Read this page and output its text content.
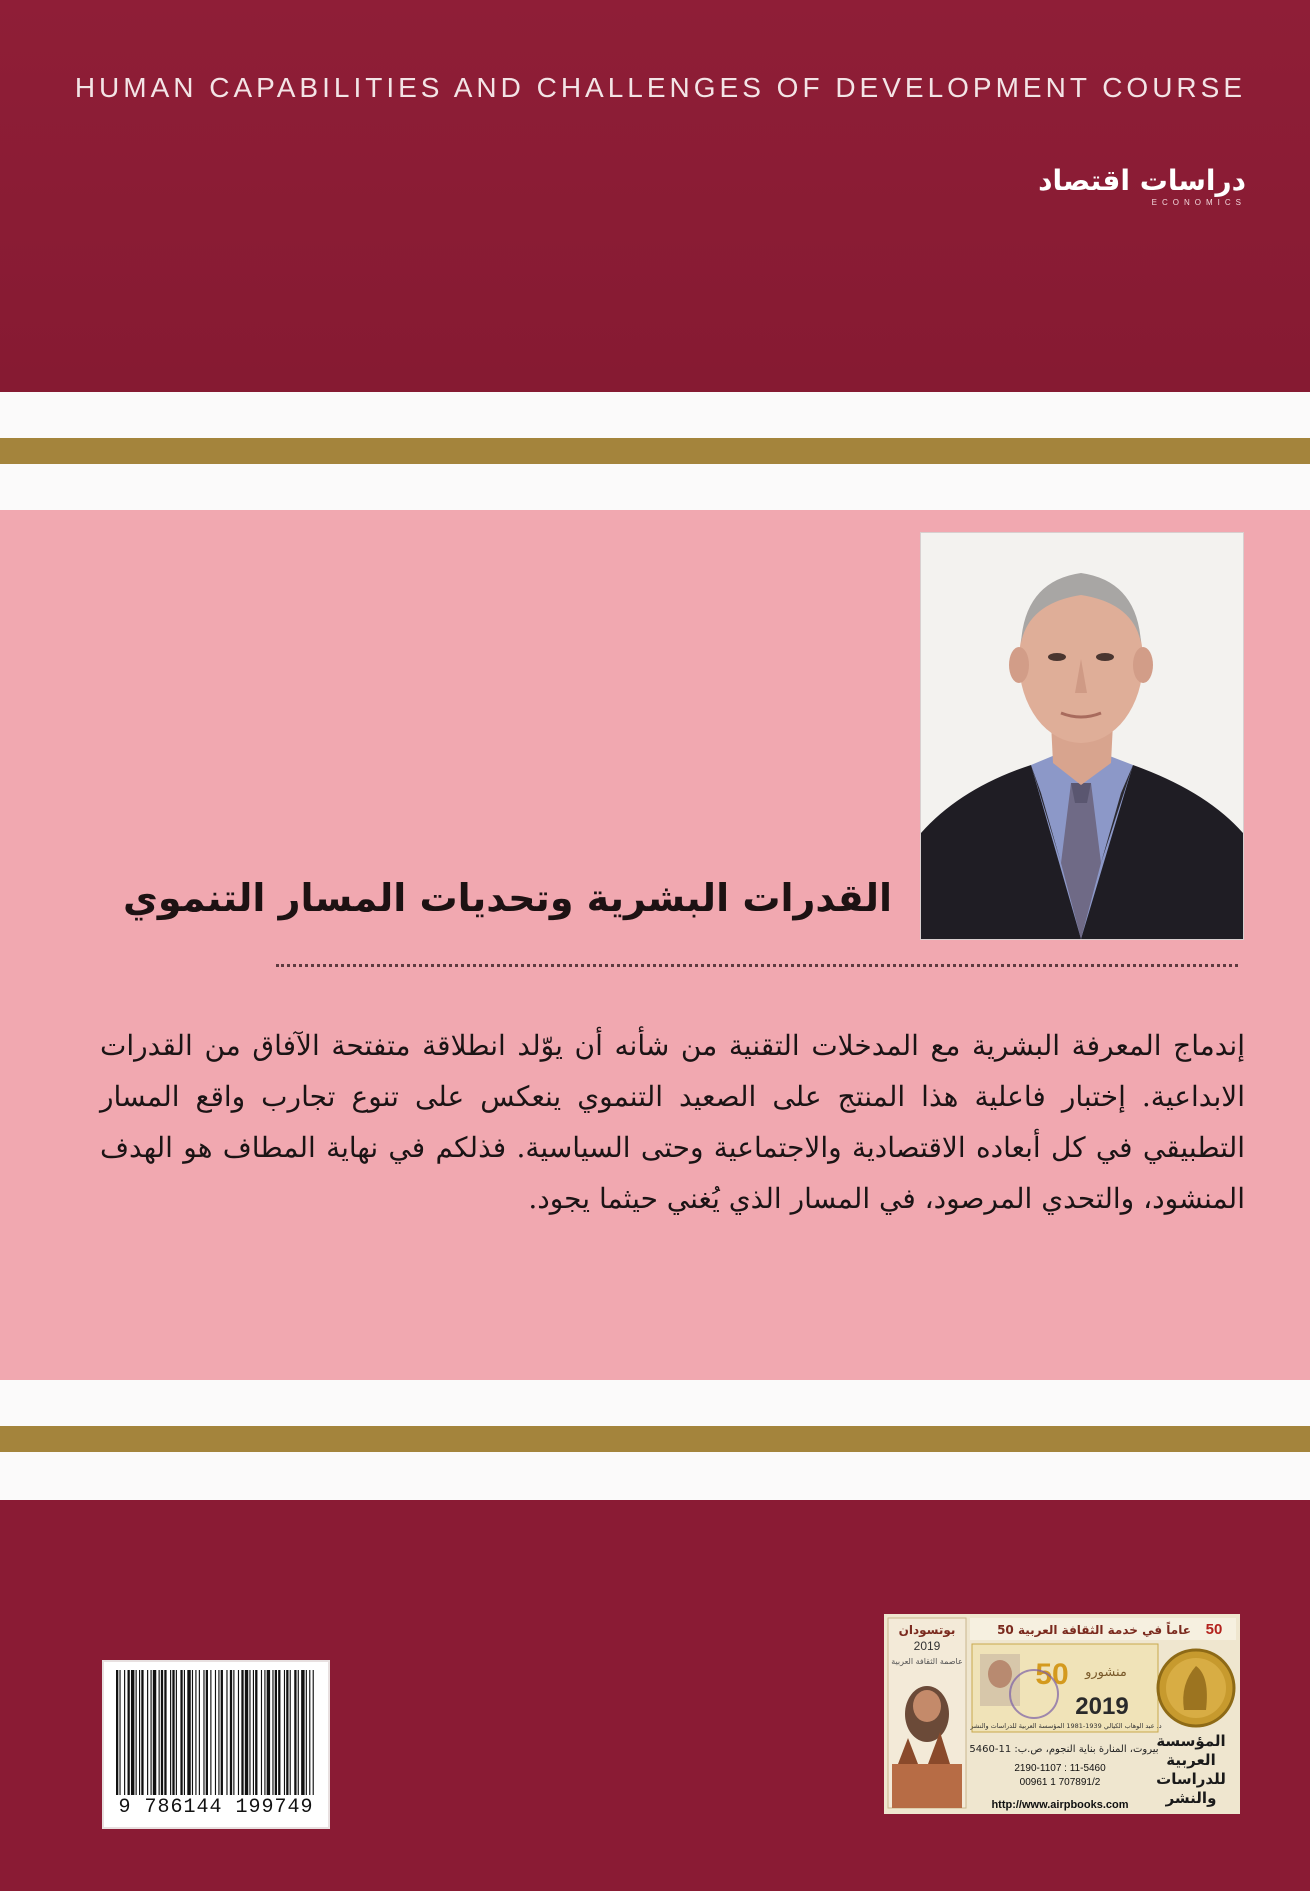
HUMAN CAPABILITIES AND CHALLENGES OF DEVELOPMENT COURSE
دراسات اقتصاد
ECONOMICS
القدرات البشرية وتحديات المسار التنموي
إندماج المعرفة البشرية مع المدخلات التقنية من شأنه أن يوّلد انطلاقة متفتحة الآفاق من القدرات الابداعية. إختبار فاعلية هذا المنتج على الصعيد التنموي ينعكس على تنوع تجارب واقع المسار التطبيقي في كل أبعاده الاقتصادية والاجتماعية وحتى السياسية. فذلكم في نهاية المطاف هو الهدف المنشود، والتحدي المرصود، في المسار الذي يُغني حيثما يجود.
9 786144 199749
بوتسودان
2019
عاصمة الثقافة العربية
50
50 عاماً في خدمة الثقافة العربية
50
2019
منشورو
د. عبد الوهاب الكيالي 1939-1981 المؤسسة العربية للدراسات والنشر
بيروت، المنارة بناية النجوم، ص.ب: 11-5460
2190-1107 : 11-5460
00961 1 707891/2
http://www.airpbooks.com
المؤسسة العربية للدراسات والنشر
